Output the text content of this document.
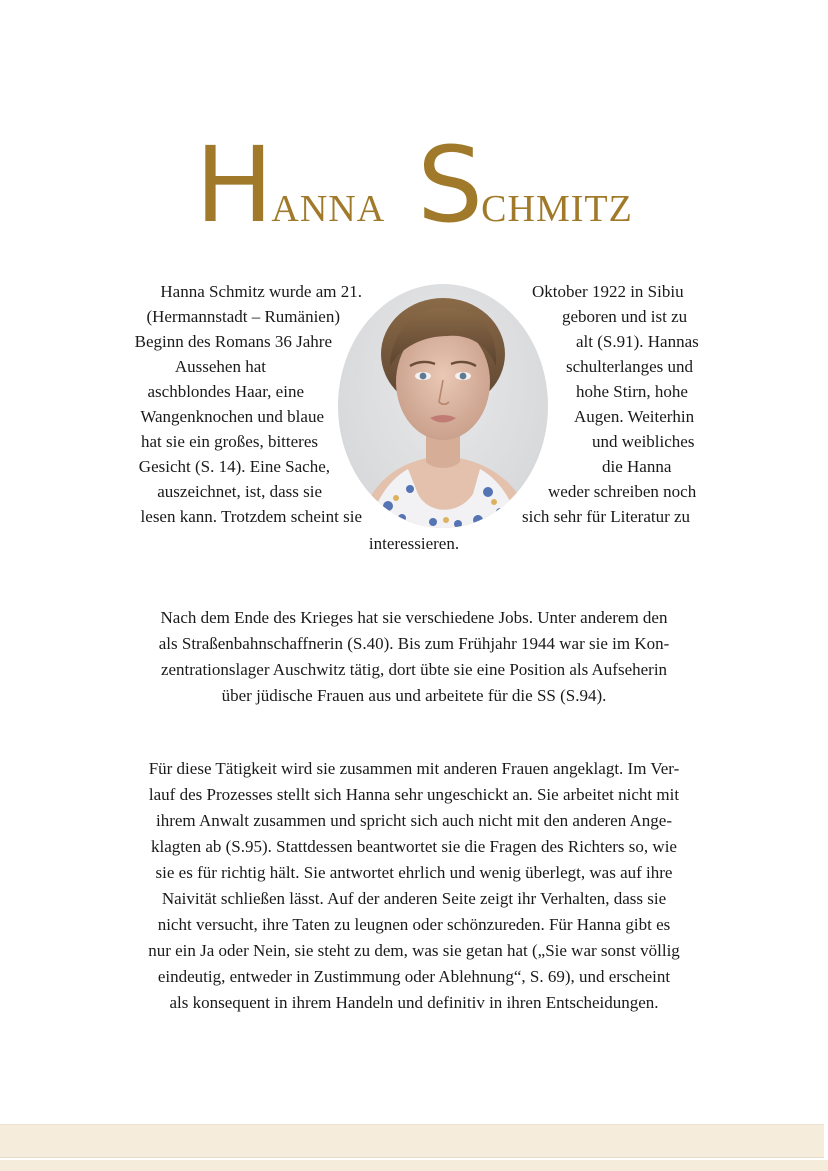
HANNA SCHMITZ
Hanna Schmitz wurde am 21.
(Hermannstadt – Rumänien)
Beginn des Romans 36 Jahre
Aussehen hat
aschblondes Haar, eine
Wangenknochen und blaue
hat sie ein großes, bitteres
Gesicht (S. 14). Eine Sache,
auszeichnet, ist, dass sie
lesen kann. Trotzdem scheint sie
Oktober 1922 in Sibiu
geboren und ist zu
alt (S.91). Hannas
schulterlanges und
hohe Stirn, hohe
Augen. Weiterhin
und weibliches
die Hanna
weder schreiben noch
sich sehr für Literatur zu
interessieren.
Nach dem Ende des Krieges hat sie verschiedene Jobs. Unter anderem den
als Straßenbahnschaffnerin (S.40). Bis zum Frühjahr 1944 war sie im Kon-
zentrationslager Auschwitz tätig, dort übte sie eine Position als Aufseherin
über jüdische Frauen aus und arbeitete für die SS (S.94).
Für diese Tätigkeit wird sie zusammen mit anderen Frauen angeklagt. Im Ver-
lauf des Prozesses stellt sich Hanna sehr ungeschickt an. Sie arbeitet nicht mit
ihrem Anwalt zusammen und spricht sich auch nicht mit den anderen Ange-
klagten ab (S.95). Stattdessen beantwortet sie die Fragen des Richters so, wie
sie es für richtig hält. Sie antwortet ehrlich und wenig überlegt, was auf ihre
Naivität schließen lässt. Auf der anderen Seite zeigt ihr Verhalten, dass sie
nicht versucht, ihre Taten zu leugnen oder schönzureden. Für Hanna gibt es
nur ein Ja oder Nein, sie steht zu dem, was sie getan hat („Sie war sonst völlig
eindeutig, entweder in Zustimmung oder Ablehnung“, S. 69), und erscheint
als konsequent in ihrem Handeln und definitiv in ihren Entscheidungen.
